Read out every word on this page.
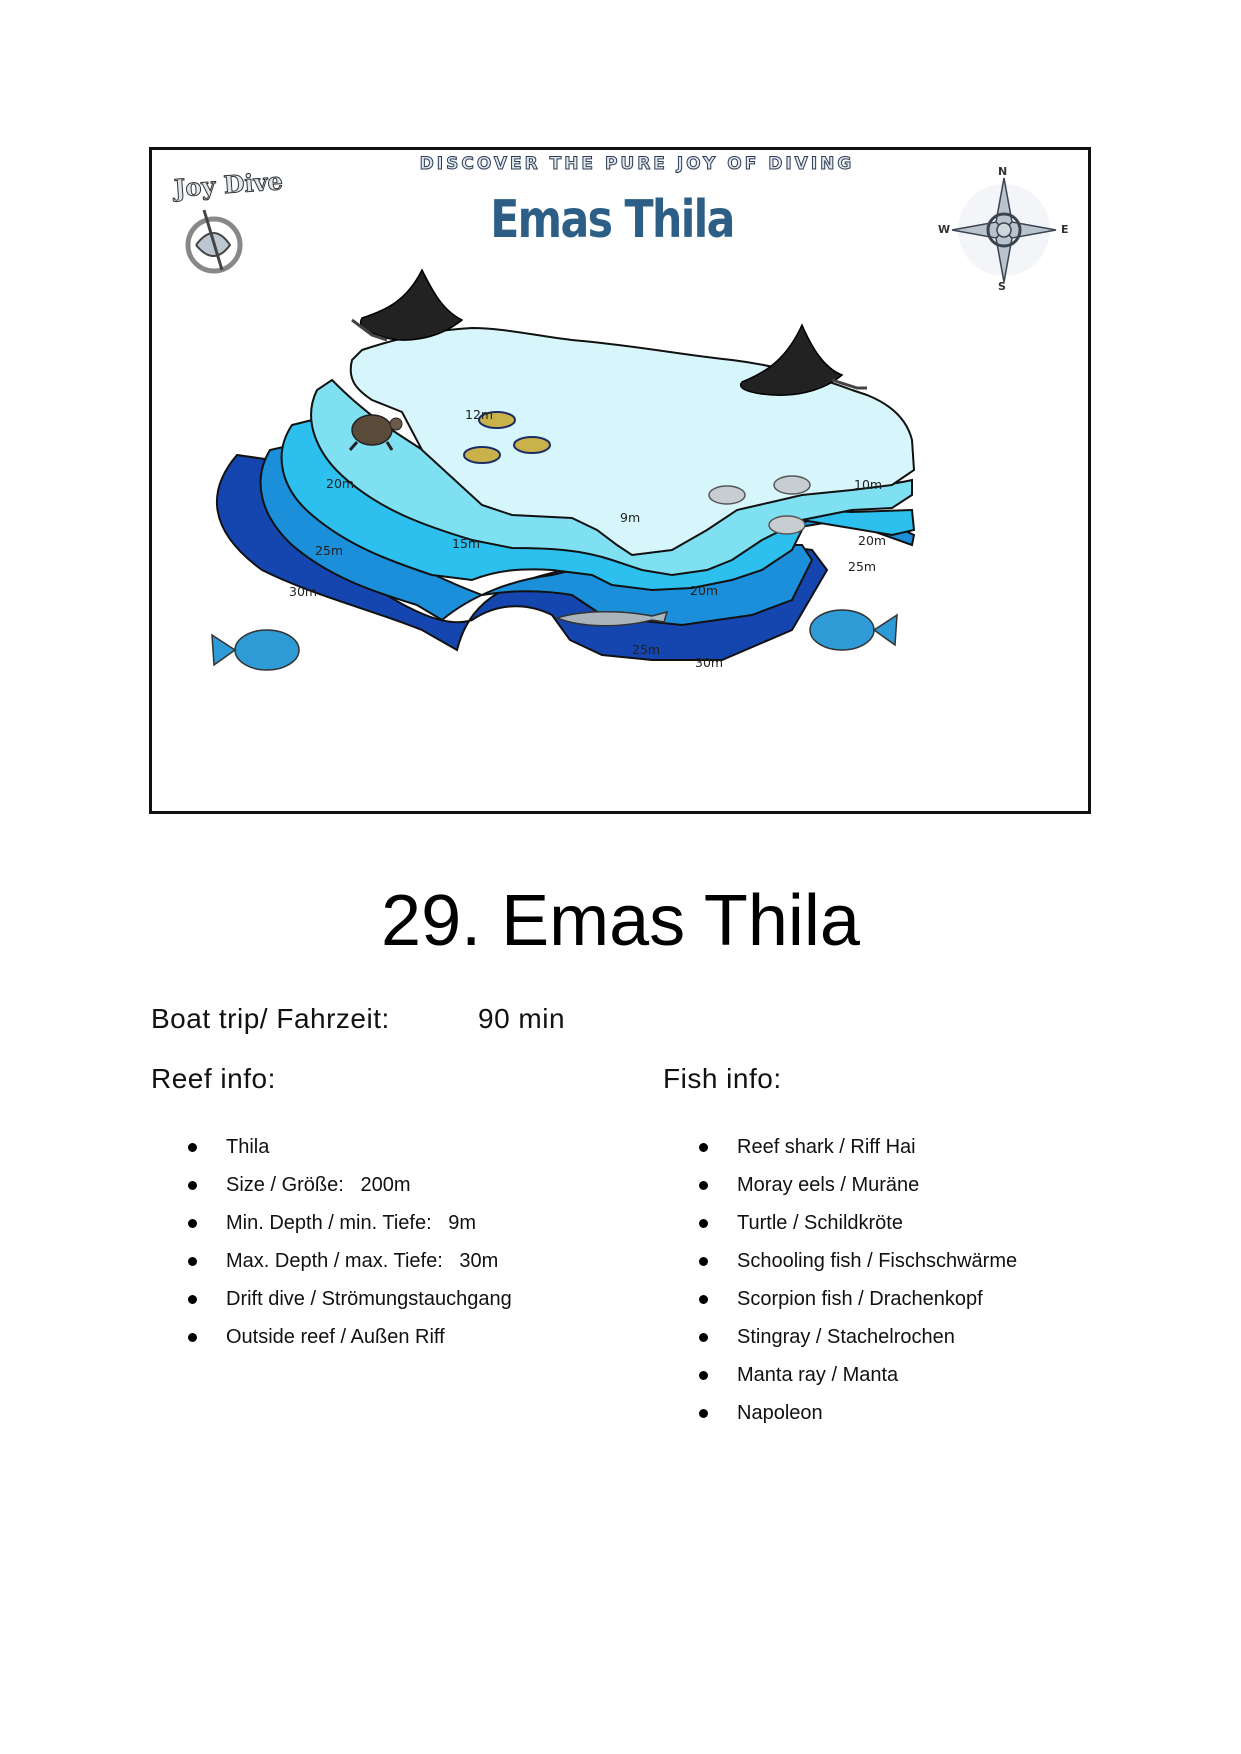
DISCOVER THE PURE JOY OF DIVING
Joy Dive
Emas Thila
N
S
W	E
12m
20m
25m
30m
15m
9m
10m
20m
25m
20m
25m
30m
29. Emas Thila
Boat trip/ Fahrzeit:	90 min
Reef info:	Fish info:
Thila
Size / Größe:   200m
Min. Depth / min. Tiefe:   9m
Max. Depth / max. Tiefe:   30m
Drift dive / Strömungstauchgang
Outside reef / Außen Riff
Reef shark / Riff Hai
Moray eels / Muräne
Turtle / Schildkröte
Schooling fish / Fischschwärme
Scorpion fish / Drachenkopf
Stingray / Stachelrochen
Manta ray / Manta
Napoleon
